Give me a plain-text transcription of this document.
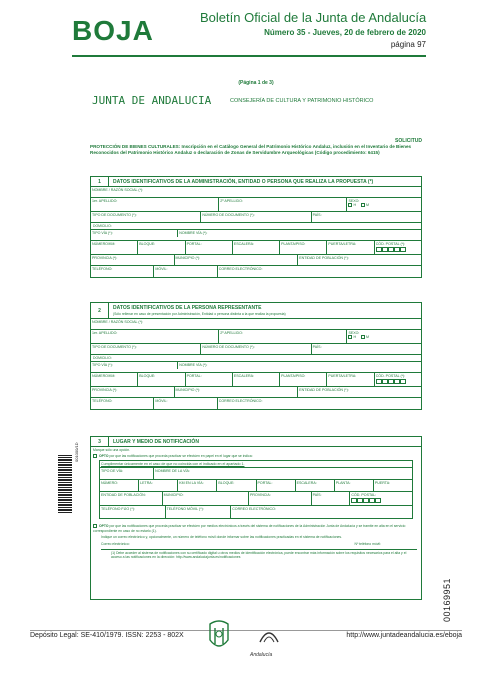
BOJA	Boletín Oficial de la Junta de Andalucía
Número 35 - Jueves, 20 de febrero de 2020
página 97
001000/1D
(Página 1 de 3)
JUNTA DE ANDALUCIA	CONSEJERÍA DE CULTURA Y PATRIMONIO HISTÓRICO
SOLICITUD
PROTECCIÓN DE BIENES CULTURALES: Inscripción en el Catálogo General del Patrimonio Histórico Andaluz, inclusión en el Inventario de Bienes Reconocidos del Patrimonio Histórico Andaluz o declaración de Zonas de Servidumbre Arqueológicas (Código procedimiento: 6415)
1	DATOS IDENTIFICATIVOS DE LA ADMINISTRACIÓN, ENTIDAD O PERSONA QUE REALIZA LA PROPUESTA (*)
NOMBRE / RAZÓN SOCIAL (*):
1er. APELLIDO:	2º APELLIDO:	SEXO:
H	M
TIPO DE DOCUMENTO (*):	NÚMERO DE DOCUMENTO (*):	PAÍS:
DOMICILIO:
TIPO VÍA (*):	NOMBRE VÍA (*):
NÚMERO/KM:	BLOQUE:	PORTAL:	ESCALERA:	PLANTA/PISO:	PUERTA/LETRA:	CÓD. POSTAL (*):
PROVINCIA (*):	MUNICIPIO (*):	ENTIDAD DE POBLACIÓN (*):
TELÉFONO:	MÓVIL:	CORREO ELECTRÓNICO:
2	DATOS IDENTIFICATIVOS DE LA PERSONA REPRESENTANTE
(Sólo rellenar en caso de presentación por Administración, Entidad o persona distinta a la que realiza la propuesta)
NOMBRE / RAZÓN SOCIAL (*):
1er. APELLIDO:	2º APELLIDO:	SEXO:
H	M
TIPO DE DOCUMENTO (*):	NÚMERO DE DOCUMENTO (*):	PAÍS:
DOMICILIO:
TIPO VÍA (*):	NOMBRE VÍA (*):
NÚMERO/KM:	BLOQUE:	PORTAL:	ESCALERA:	PLANTA/PISO:	PUERTA/LETRA:	CÓD. POSTAL (*):
PROVINCIA (*):	MUNICIPIO (*):	ENTIDAD DE POBLACIÓN (*):
TELÉFONO:	MÓVIL:	CORREO ELECTRÓNICO:
3	LUGAR Y MEDIO DE NOTIFICACIÓN
Marque sólo una opción.
OPTO por que las notificaciones que proceda practicar se efectúen en papel en el lugar que se indica:
Cumplimentar únicamente en el caso de que no coincida con el indicado en el apartado 1.
TIPO DE VÍA:	NOMBRE DE LA VÍA:
NÚMERO:	LETRA:	KM EN LA VÍA:	BLOQUE:	PORTAL:	ESCALERA:	PLANTA:	PUERTA:
ENTIDAD DE POBLACIÓN:	MUNICIPIO:	PROVINCIA:	PAÍS:	CÓD. POSTAL:
TELÉFONO FIJO (*):	TELÉFONO MÓVIL (*):	CORREO ELECTRÓNICO:
OPTO por que las notificaciones que proceda practicar se efectúen por medios electrónicos a través del sistema de notificaciones de la Administración Junta de Andalucía y se tramite en alta en el servicio correspondiente en caso de no estarlo (1).
Indique un correo electrónico y, opcionalmente, un número de teléfono móvil donde informar sobre las notificaciones practicadas en el sistema de notificaciones.
Correo electrónico:	Nº teléfono móvil:
(1) Debe acceder al sistema de notificaciones con su certificado digital u otros medios de identificación electrónica, puede encontrar más información sobre los requisitos necesarios para el alta y el acceso a las notificaciones en la dirección: http://www.andaluciajunta.es/notificaciones
00169951
Depósito Legal: SE-410/1979. ISSN: 2253 - 802X	http://www.juntadeandalucia.es/eboja
Andalucía
